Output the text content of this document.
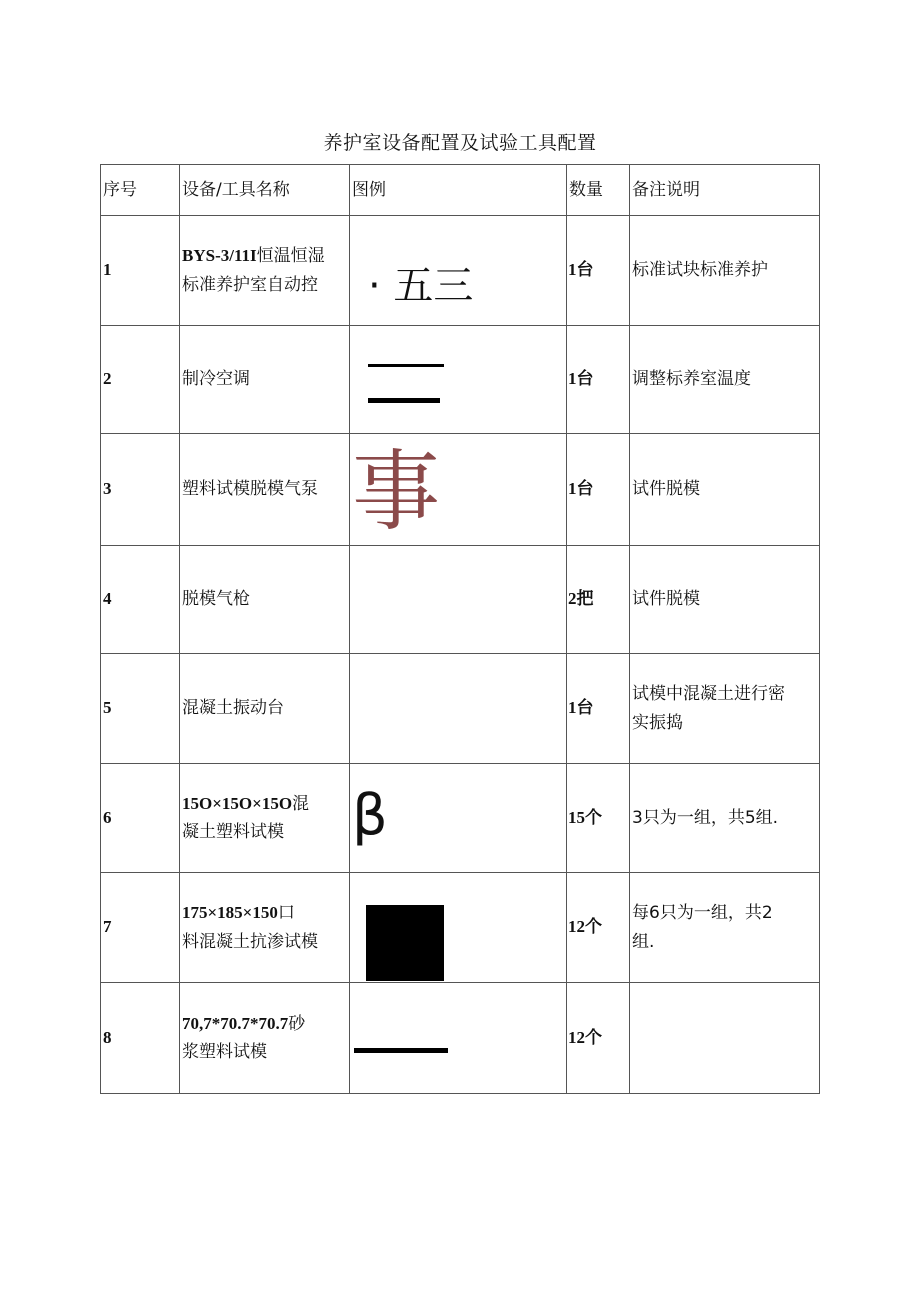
养护室设备配置及试验工具配置
序号	设备/工具名称	图例	数量	备注说明
1	BYS-3/11I恒温恒湿
标准养护室自动控	· 五三	1台	标准试块标准养护
2	制冷空调		1台	调整标养室温度
3	塑料试模脱模气泵	事	1台	试件脱模
4	脱模气枪		2把	试件脱模
5	混凝土振动台		1台	试模中混凝土进行密
实振捣
6	15O×15O×15O混
凝土塑料试模	β	15个	3只为一组，共5组.
7	175×185×150口
料混凝土抗渗试模		12个	每6只为一组，共2
组.
8	70,7*70.7*70.7砂
浆塑料试模		12个	
